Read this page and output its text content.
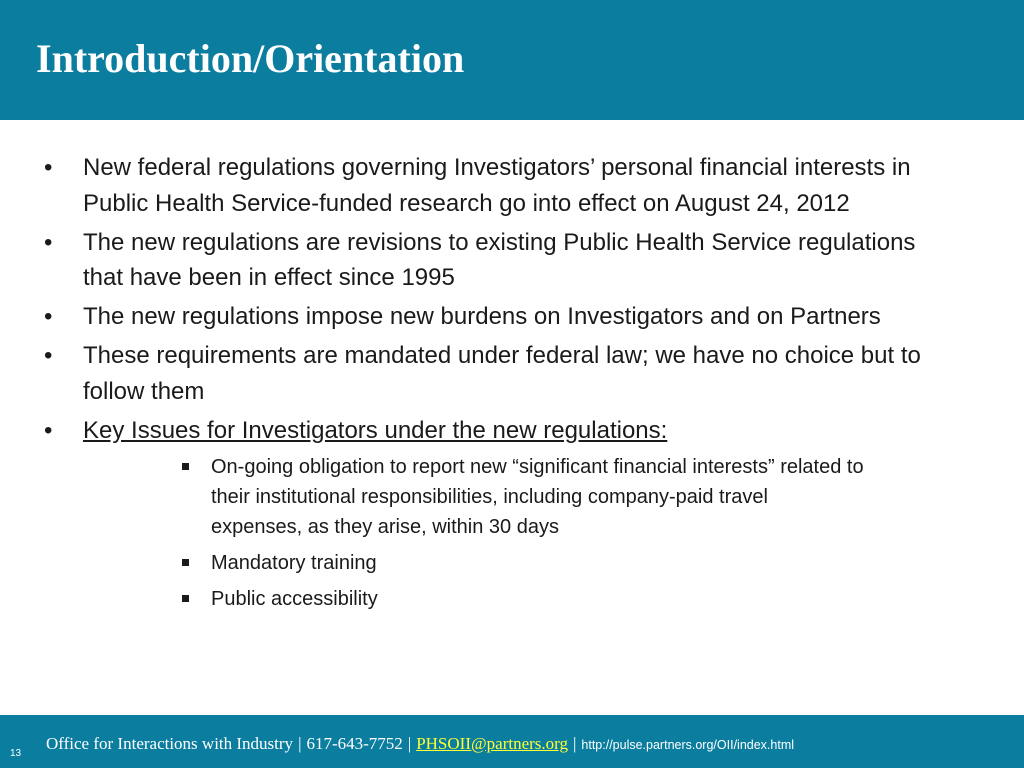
Introduction/Orientation
• New federal regulations governing Investigators’ personal financial interests in Public Health Service-funded research go into effect on August 24, 2012
• The new regulations are revisions to existing Public Health Service regulations that have been in effect since 1995
• The new regulations impose new burdens on Investigators and on Partners
• These requirements are mandated under federal law; we have no choice but to follow them
• Key Issues for Investigators under the new regulations:
On-going obligation to report new “significant financial interests” related to their institutional responsibilities, including company-paid travel expenses, as they arise, within 30 days
Mandatory training
Public accessibility
Office for Interactions with Industry | 617-643-7752 | PHSOII@partners.org | http://pulse.partners.org/OII/index.html
13
